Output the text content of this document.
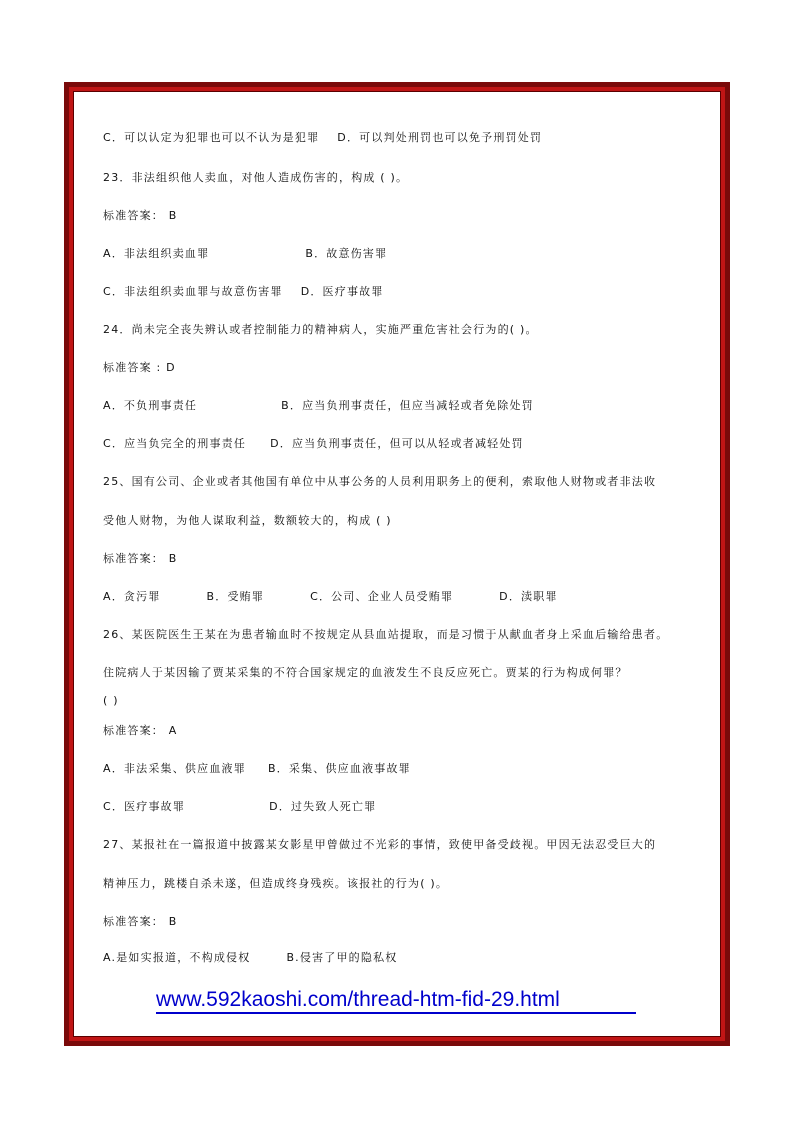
C．可以认定为犯罪也可以不认为是犯罪 D．可以判处刑罚也可以免予刑罚处罚
23．非法组织他人卖血，对他人造成伤害的，构成 ( )。
标准答案： B
A．非法组织卖血罪	B．故意伤害罪
C．非法组织卖血罪与故意伤害罪 D．医疗事故罪
24．尚未完全丧失辨认或者控制能力的精神病人，实施严重危害社会行为的( )。
标准答案 : D
A．不负刑事责任	B．应当负刑事责任，但应当减轻或者免除处罚
C．应当负完全的刑事责任 D．应当负刑事责任，但可以从轻或者减轻处罚
25、国有公司、企业或者其他国有单位中从事公务的人员利用职务上的便利，索取他人财物或者非法收
受他人财物，为他人谋取利益，数额较大的，构成 ( )
标准答案： B
A．贪污罪	B．受贿罪	C．公司、企业人员受贿罪	D．渎职罪
26、某医院医生王某在为患者输血时不按规定从县血站提取，而是习惯于从献血者身上采血后输给患者。
住院病人于某因输了贾某采集的不符合国家规定的血液发生不良反应死亡。贾某的行为构成何罪？
( )
标准答案： A
A．非法采集、供应血液罪 B．采集、供应血液事故罪
C．医疗事故罪	D．过失致人死亡罪
27、某报社在一篇报道中披露某女影星甲曾做过不光彩的事情，致使甲备受歧视。甲因无法忍受巨大的
精神压力，跳楼自杀未遂，但造成终身残疾。该报社的行为( )。
标准答案： B
A.是如实报道，不构成侵权	B.侵害了甲的隐私权
www.592kaoshi.com/thread-htm-fid-29.html
